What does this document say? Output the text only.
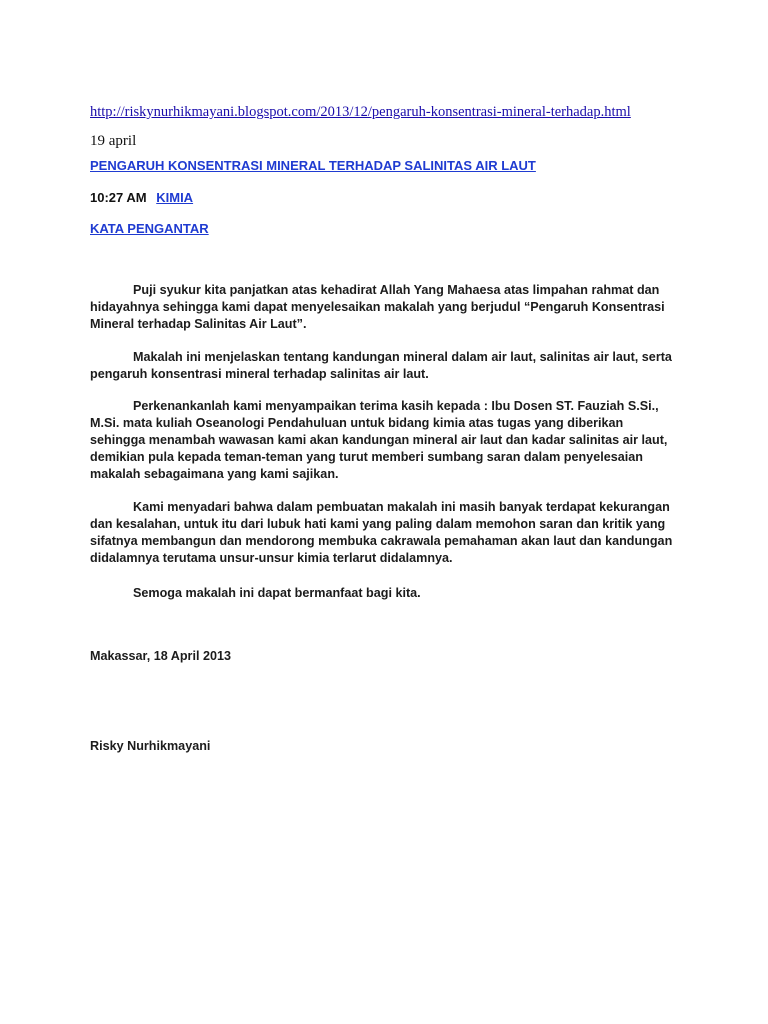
http://riskynurhikmayani.blogspot.com/2013/12/pengaruh-konsentrasi-mineral-terhadap.html
19 april
PENGARUH KONSENTRASI MINERAL TERHADAP SALINITAS AIR LAUT
10:27 AM KIMIA
KATA PENGANTAR

Puji syukur kita panjatkan atas kehadirat Allah Yang Mahaesa atas limpahan rahmat dan hidayahnya sehingga kami dapat menyelesaikan makalah yang berjudul “Pengaruh Konsentrasi Mineral terhadap Salinitas Air Laut”.

Makalah ini menjelaskan tentang kandungan mineral dalam air laut, salinitas air laut, serta pengaruh konsentrasi mineral terhadap salinitas air laut.

Perkenankanlah kami menyampaikan terima kasih kepada : Ibu Dosen ST. Fauziah S.Si., M.Si. mata kuliah Oseanologi Pendahuluan untuk bidang kimia atas tugas yang diberikan sehingga menambah wawasan kami akan kandungan mineral air laut dan kadar salinitas air laut, demikian pula kepada teman-teman yang turut memberi sumbang saran dalam penyelesaian makalah sebagaimana yang kami sajikan.

Kami menyadari bahwa dalam pembuatan makalah ini masih banyak terdapat kekurangan dan kesalahan, untuk itu dari lubuk hati kami yang paling dalam memohon saran dan kritik yang sifatnya membangun dan mendorong membuka cakrawala pemahaman akan laut dan kandungan didalamnya terutama unsur-unsur kimia terlarut didalamnya.

Semoga makalah ini dapat bermanfaat bagi kita.

Makassar, 18 April 2013
Risky Nurhikmayani
